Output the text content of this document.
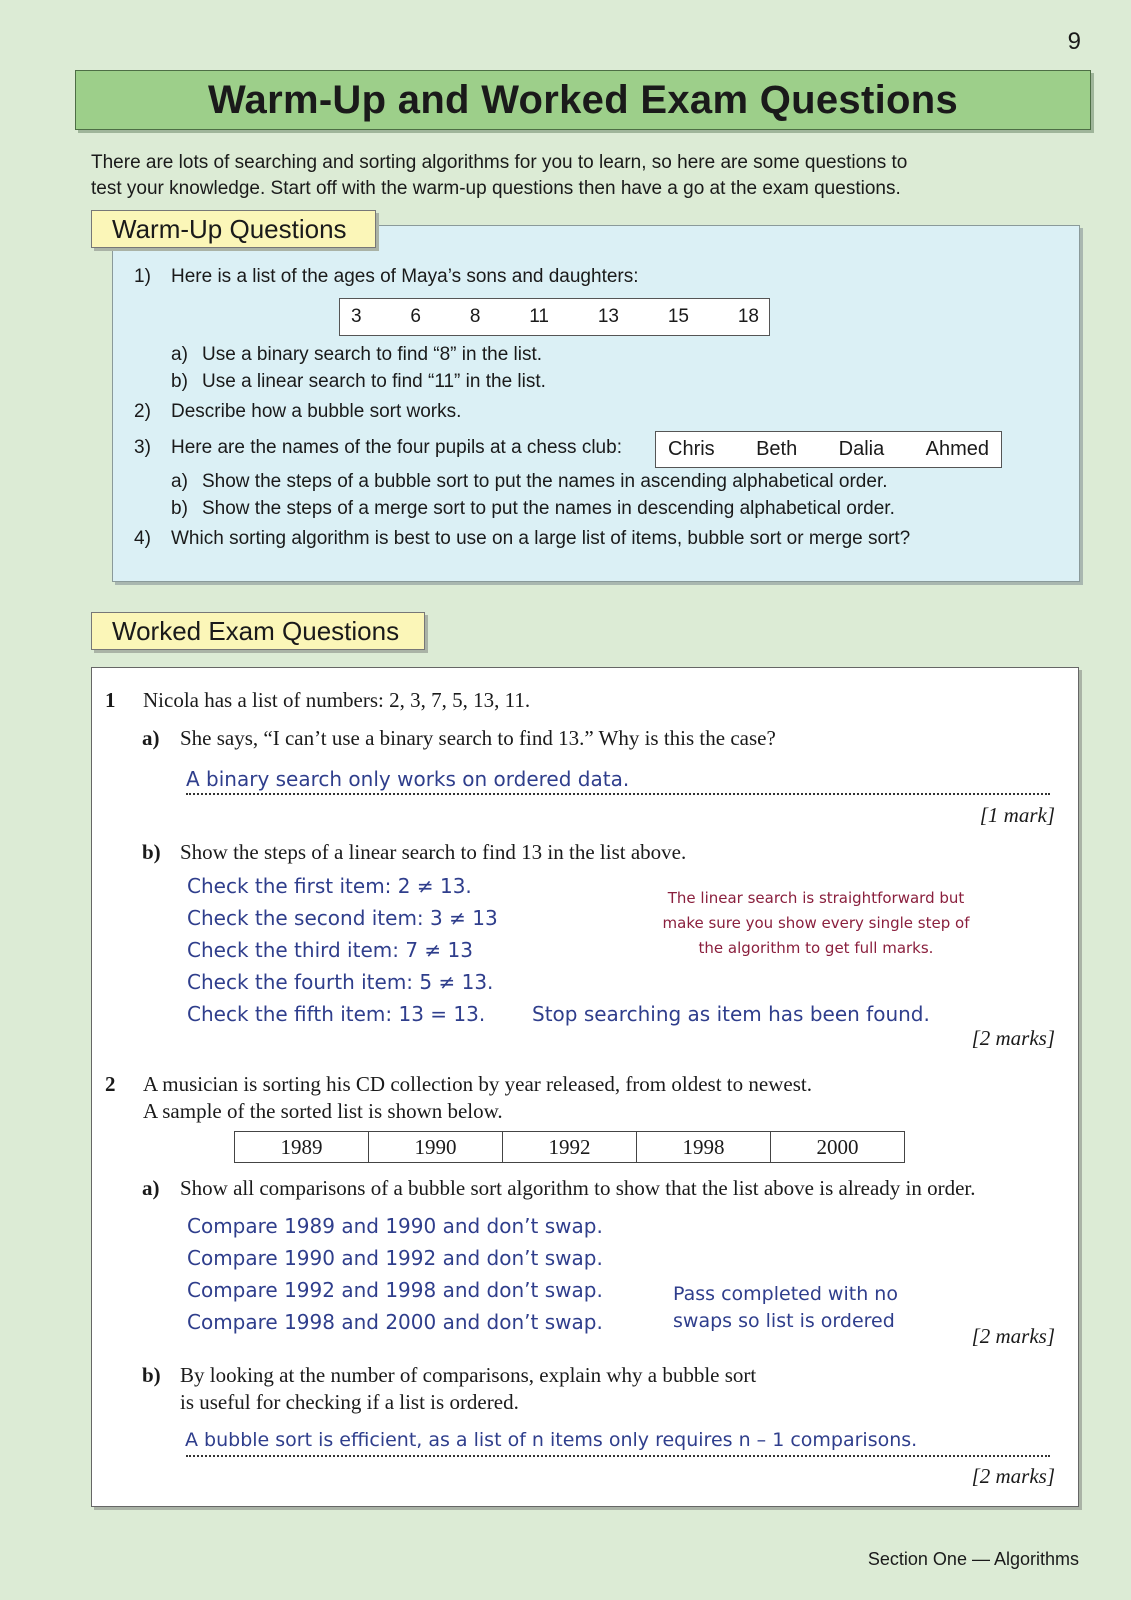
9
Warm-Up and Worked Exam Questions

There are lots of searching and sorting algorithms for you to learn, so here are some questions to
test your knowledge. Start off with the warm-up questions then have a go at the exam questions.

Warm-Up Questions
1) Here is a list of the ages of Maya’s sons and daughters:
3	6	8	11	13	15	18
a) Use a binary search to find “8” in the list.
b) Use a linear search to find “11” in the list.
2) Describe how a bubble sort works.
3) Here are the names of the four pupils at a chess club: Chris Beth Dalia Ahmed
a) Show the steps of a bubble sort to put the names in ascending alphabetical order.
b) Show the steps of a merge sort to put the names in descending alphabetical order.
4) Which sorting algorithm is best to use on a large list of items, bubble sort or merge sort?
Worked Exam Questions
1 Nicola has a list of numbers: 2, 3, 7, 5, 13, 11.
a) She says, “I can’t use a binary search to find 13.” Why is this the case?
A binary search only works on ordered data.
[1 mark]
b) Show the steps of a linear search to find 13 in the list above.
Check the first item: 2 ≠ 13.
Check the second item: 3 ≠ 13
Check the third item: 7 ≠ 13
Check the fourth item: 5 ≠ 13.
Check the fifth item: 13 = 13. Stop searching as item has been found.
The linear search is straightforward but
make sure you show every single step of
the algorithm to get full marks.
[2 marks]
2 A musician is sorting his CD collection by year released, from oldest to newest.
A sample of the sorted list is shown below.
1989	1990	1992	1998	2000
a) Show all comparisons of a bubble sort algorithm to show that the list above is already in order.
Compare 1989 and 1990 and don’t swap.
Compare 1990 and 1992 and don’t swap.
Compare 1992 and 1998 and don’t swap.
Compare 1998 and 2000 and don’t swap.
Pass completed with no
swaps so list is ordered
[2 marks]
b) By looking at the number of comparisons, explain why a bubble sort
is useful for checking if a list is ordered.
A bubble sort is efficient, as a list of n items only requires n – 1 comparisons.
[2 marks]
Section One — Algorithms
